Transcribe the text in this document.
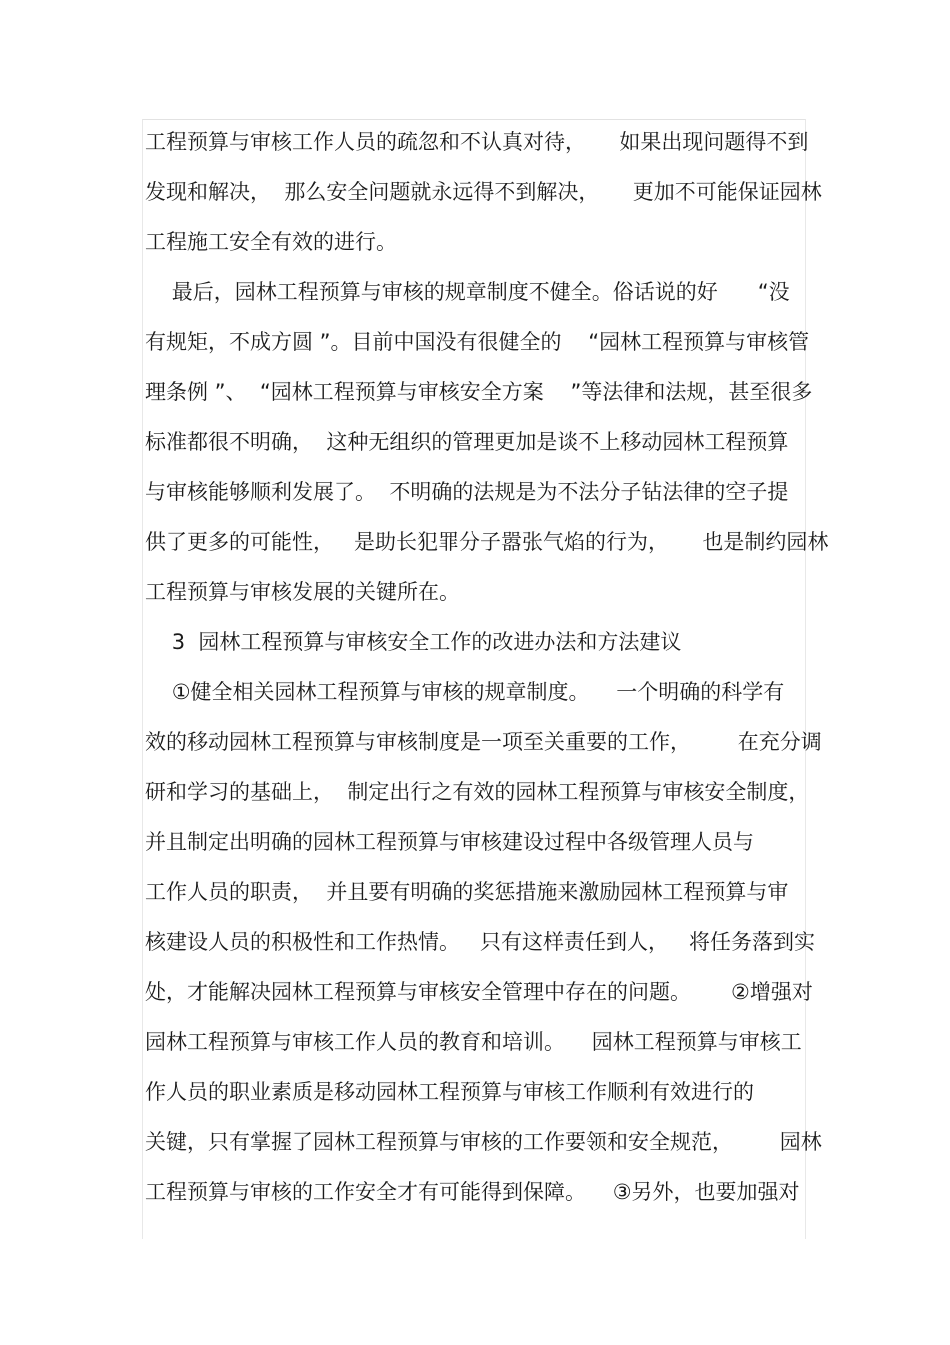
工程预算与审核工作人员的疏忽和不认真对待，     如果出现问题得不到
发现和解决，  那么安全问题就永远得不到解决，     更加不可能保证园林
工程施工安全有效的进行。
最后，园林工程预算与审核的规章制度不健全。俗话说的好      “没
有规矩，不成方圆 ”。目前中国没有很健全的    “园林工程预算与审核管
理条例 ”、  “园林工程预算与审核安全方案    ”等法律和法规，甚至很多
标准都很不明确，  这种无组织的管理更加是谈不上移动园林工程预算
与审核能够顺利发展了。  不明确的法规是为不法分子钻法律的空子提
供了更多的可能性，   是助长犯罪分子嚣张气焰的行为，     也是制约园林
工程预算与审核发展的关键所在。
3  园林工程预算与审核安全工作的改进办法和方法建议
①健全相关园林工程预算与审核的规章制度。    一个明确的科学有
效的移动园林工程预算与审核制度是一项至关重要的工作，       在充分调
研和学习的基础上，  制定出行之有效的园林工程预算与审核安全制度，
并且制定出明确的园林工程预算与审核建设过程中各级管理人员与
工作人员的职责，  并且要有明确的奖惩措施来激励园林工程预算与审
核建设人员的积极性和工作热情。   只有这样责任到人，   将任务落到实
处，才能解决园林工程预算与审核安全管理中存在的问题。      ②增强对
园林工程预算与审核工作人员的教育和培训。    园林工程预算与审核工
作人员的职业素质是移动园林工程预算与审核工作顺利有效进行的
关键，只有掌握了园林工程预算与审核的工作要领和安全规范，       园林
工程预算与审核的工作安全才有可能得到保障。    ③另外，也要加强对
